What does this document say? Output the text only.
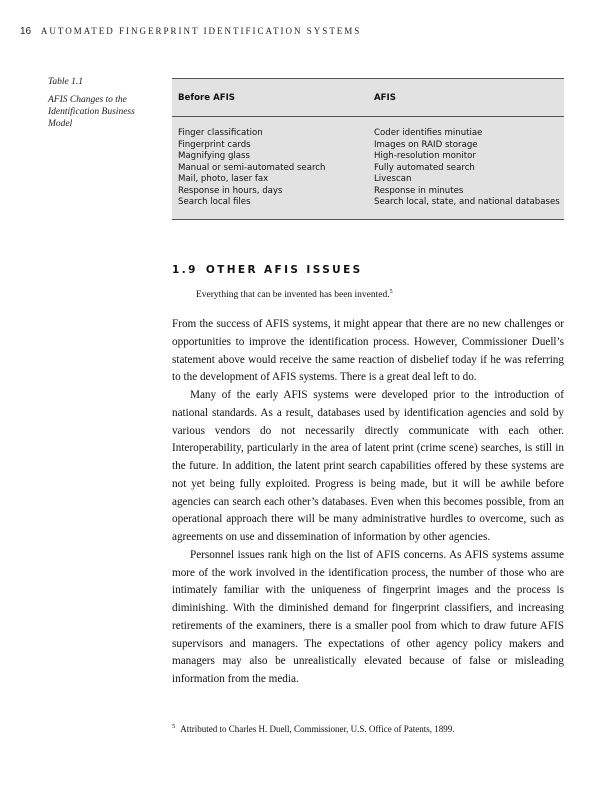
16 AUTOMATED FINGERPRINT IDENTIFICATION SYSTEMS
Table 1.1
AFIS Changes to the Identification Business Model
Before AFIS	AFIS
Finger classification	Coder identifies minutiae
Fingerprint cards	Images on RAID storage
Magnifying glass	High-resolution monitor
Manual or semi-automated search	Fully automated search
Mail, photo, laser fax	Livescan
Response in hours, days	Response in minutes
Search local files	Search local, state, and national databases
1.9 OTHER AFIS ISSUES
Everything that can be invented has been invented.$^5$

From the success of AFIS systems, it might appear that there are no new challenges or opportunities to improve the identification process. However, Commissioner Duell’s statement above would receive the same reaction of disbelief today if he was referring to the development of AFIS systems. There is a great deal left to do.

Many of the early AFIS systems were developed prior to the introduction of national standards. As a result, databases used by identification agencies and sold by various vendors do not necessarily directly communicate with each other. Interoperability, particularly in the area of latent print (crime scene) searches, is still in the future. In addition, the latent print search capabilities offered by these systems are not yet being fully exploited. Progress is being made, but it will be awhile before agencies can search each other’s databases. Even when this becomes possible, from an operational approach there will be many administrative hurdles to overcome, such as agreements on use and dissemination of information by other agencies.

Personnel issues rank high on the list of AFIS concerns. As AFIS systems assume more of the work involved in the identification process, the number of those who are intimately familiar with the uniqueness of fingerprint images and the process is diminishing. With the diminished demand for fingerprint classifiers, and increasing retirements of the examiners, there is a smaller pool from which to draw future AFIS supervisors and managers. The expectations of other agency policy makers and managers may also be unrealistically elevated because of false or misleading information from the media.

$^5$ Attributed to Charles H. Duell, Commissioner, U.S. Office of Patents, 1899.
